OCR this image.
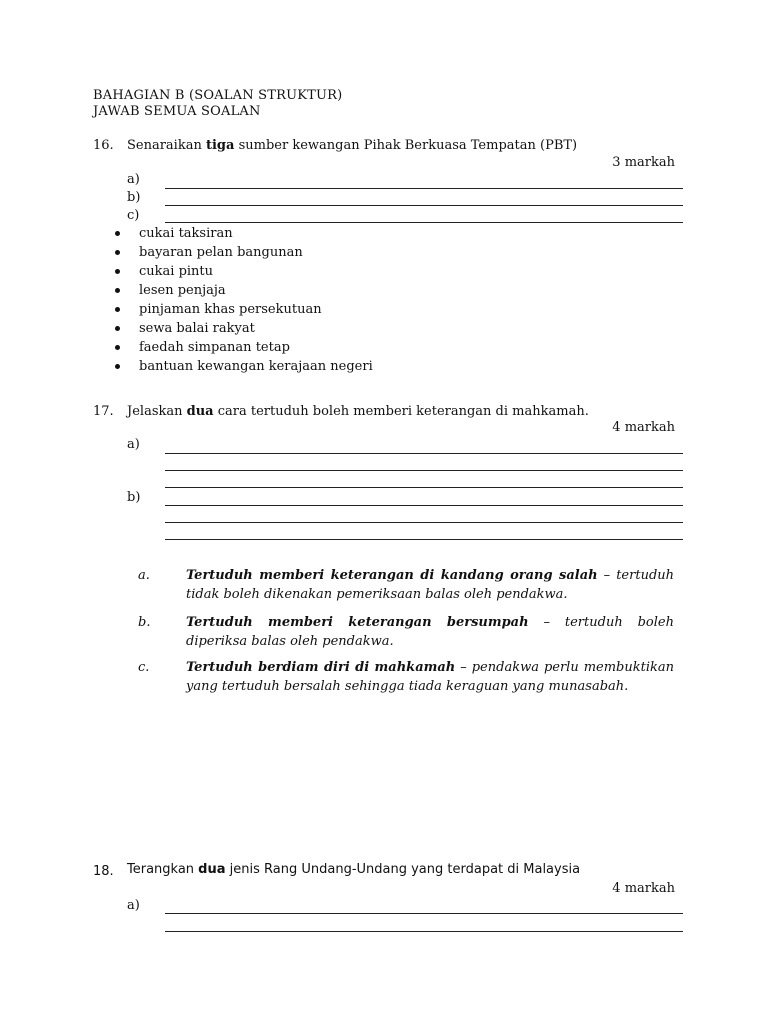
BAHAGIAN B (SOALAN STRUKTUR)
JAWAB SEMUA SOALAN
16. Senaraikan tiga sumber kewangan Pihak Berkuasa Tempatan (PBT)
3 markah
a)
b)
c)
cukai taksiran
bayaran pelan bangunan
cukai pintu
lesen penjaja
pinjaman khas persekutuan
sewa balai rakyat
faedah simpanan tetap
bantuan kewangan kerajaan negeri
17. Jelaskan dua cara tertuduh boleh memberi keterangan di mahkamah.
4 markah
a)
b)
a.	Tertuduh memberi keterangan di kandang orang salah – tertuduh tidak boleh dikenakan pemeriksaan balas oleh pendakwa.
b.	Tertuduh memberi keterangan bersumpah – tertuduh boleh diperiksa balas oleh pendakwa.
c.	Tertuduh berdiam diri di mahkamah – pendakwa perlu membuktikan yang tertuduh bersalah sehingga tiada keraguan yang munasabah.
18. Terangkan dua jenis Rang Undang-Undang yang terdapat di Malaysia
4 markah
a)
